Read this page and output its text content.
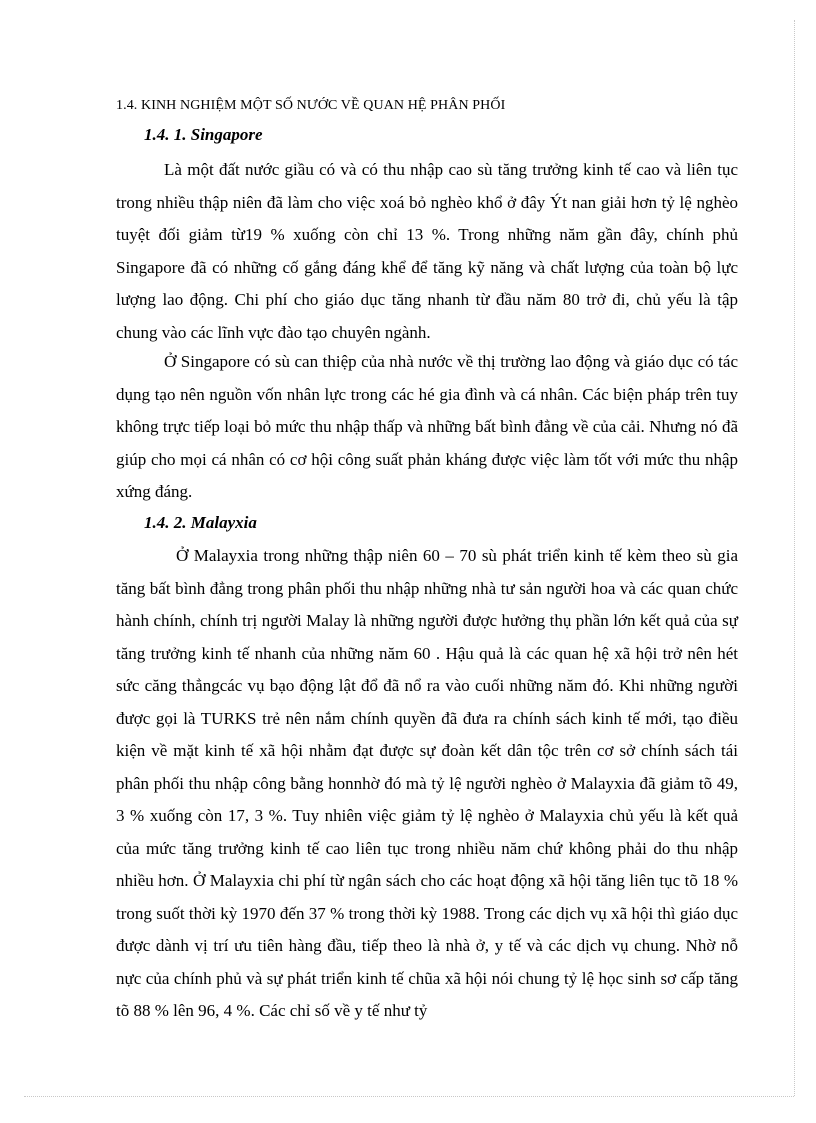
1.4. KINH NGHIỆM MỘT SỐ NƯỚC VỀ QUAN HỆ PHÂN PHỐI
1.4. 1. Singapore

Là một đất nước giầu có và có thu nhập cao sù tăng trưởng kinh tế cao và liên tục trong nhiều thập niên đã làm cho việc xoá bỏ nghèo khổ ở đây Ýt nan giải hơn tỷ lệ nghèo tuyệt đối giảm từ19 % xuống còn chỉ 13 %. Trong những năm gần đây, chính phủ Singapore đã có những cố gắng đáng khể để tăng kỹ năng và chất lượng của toàn bộ lực lượng lao động. Chi phí cho giáo dục tăng nhanh từ đầu năm 80 trở đi, chủ yếu là tập chung vào các lĩnh vực đào tạo chuyên ngành.

Ở Singapore có sù can thiệp của nhà nước về thị trường lao động và giáo dục có tác dụng tạo nên nguồn vốn nhân lực trong các hé gia đình và cá nhân. Các biện pháp trên tuy không trực tiếp loại bỏ mức thu nhập thấp và những bất bình đẳng về của cải. Nhưng nó đã giúp cho mọi cá nhân có cơ hội công suất phản kháng được việc làm tốt với mức thu nhập xứng đáng.

1.4. 2. Malayxia

Ở Malayxia trong những thập niên 60 – 70 sù phát triển kinh tế kèm theo sù gia tăng bất bình đẳng trong phân phối thu nhập những nhà tư sản người hoa và các quan chức hành chính, chính trị người Malay là những người được hưởng thụ phần lớn kết quả của sự tăng trưởng kinh tế nhanh của những năm 60 . Hậu quả là các quan hệ xã hội trở nên hét sức căng thẳngcác vụ bạo động lật đổ đã nổ ra vào cuối những năm đó. Khi những người được gọi là TURKS trẻ nên nắm chính quyền đã đưa ra chính sách kinh tế mới, tạo điều kiện về mặt kinh tế xã hội nhằm đạt được sự đoàn kết dân tộc trên cơ sở chính sách tái phân phối thu nhập công bằng honnhờ đó mà tỷ lệ người nghèo ở Malayxia đã giảm tõ 49, 3 % xuống còn 17, 3 %. Tuy nhiên việc giảm tỷ lệ nghèo ở Malayxia chủ yếu là kết quả của mức tăng trưởng kinh tế cao liên tục trong nhiều năm chứ không phải do thu nhập nhiều hơn. Ở Malayxia chi phí từ ngân sách cho các hoạt động xã hội tăng liên tục tõ 18 % trong suốt thời kỳ 1970 đến 37 % trong thời kỳ 1988. Trong các dịch vụ xã hội thì giáo dục được dành vị trí ưu tiên hàng đầu, tiếp theo là nhà ở, y tế và các dịch vụ chung. Nhờ nỗ nực của chính phủ và sự phát triển kinh tế chũa xã hội nói chung tỷ lệ học sinh sơ cấp tăng tõ 88 % lên 96, 4 %. Các chỉ số về y tế như tỷ
